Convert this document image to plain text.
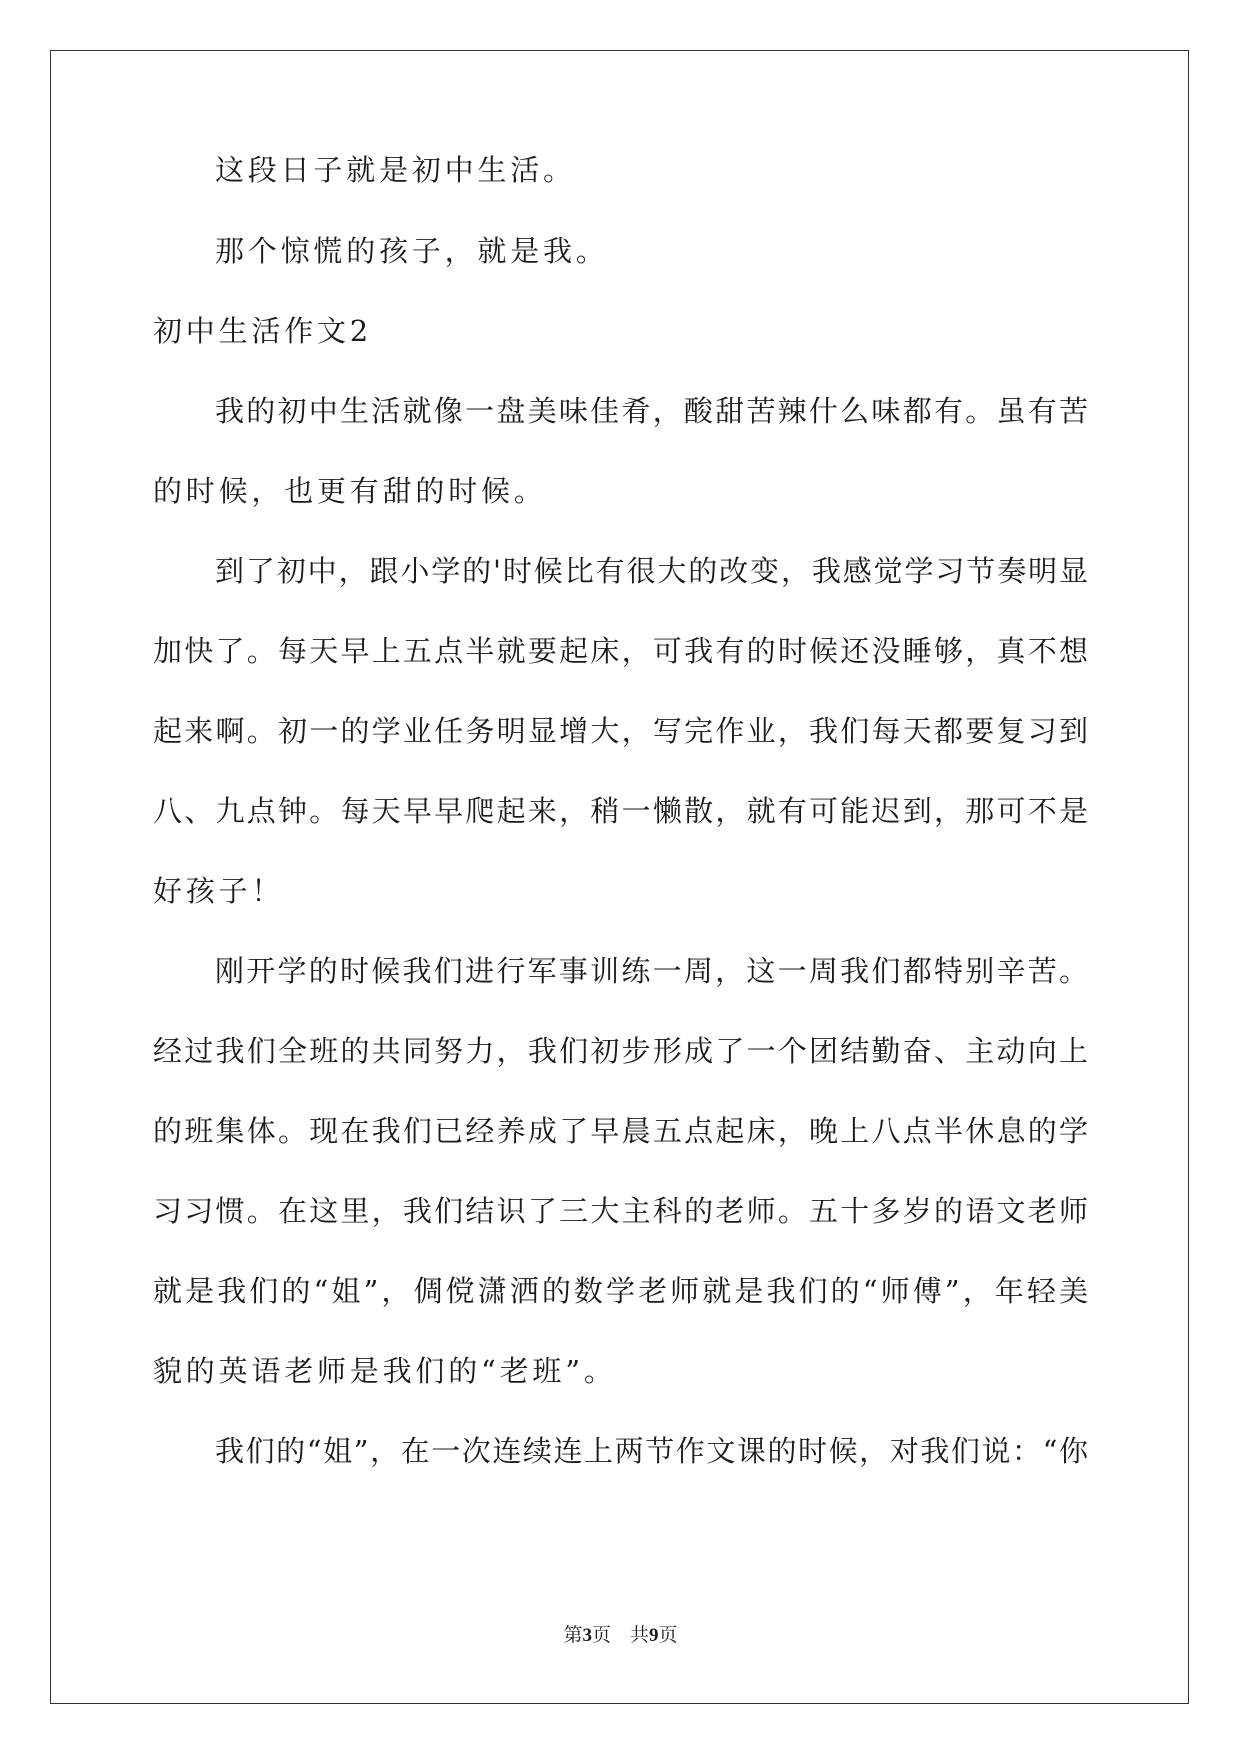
这段日子就是初中生活。
那个惊慌的孩子，就是我。
初中生活作文2
我的初中生活就像一盘美味佳肴，酸甜苦辣什么味都有。虽有苦
的时候，也更有甜的时候。
到了初中，跟小学的'时候比有很大的改变，我感觉学习节奏明显
加快了。每天早上五点半就要起床，可我有的时候还没睡够，真不想
起来啊。初一的学业任务明显增大，写完作业，我们每天都要复习到
八、九点钟。每天早早爬起来，稍一懒散，就有可能迟到，那可不是
好孩子！
刚开学的时候我们进行军事训练一周，这一周我们都特别辛苦。
经过我们全班的共同努力，我们初步形成了一个团结勤奋、主动向上
的班集体。现在我们已经养成了早晨五点起床，晚上八点半休息的学
习习惯。在这里，我们结识了三大主科的老师。五十多岁的语文老师
就是我们的“姐”，倜傥潇洒的数学老师就是我们的“师傅”，年轻美
貌的英语老师是我们的“老班”。
我们的“姐”，在一次连续连上两节作文课的时候，对我们说：“你
第3页　共9页
